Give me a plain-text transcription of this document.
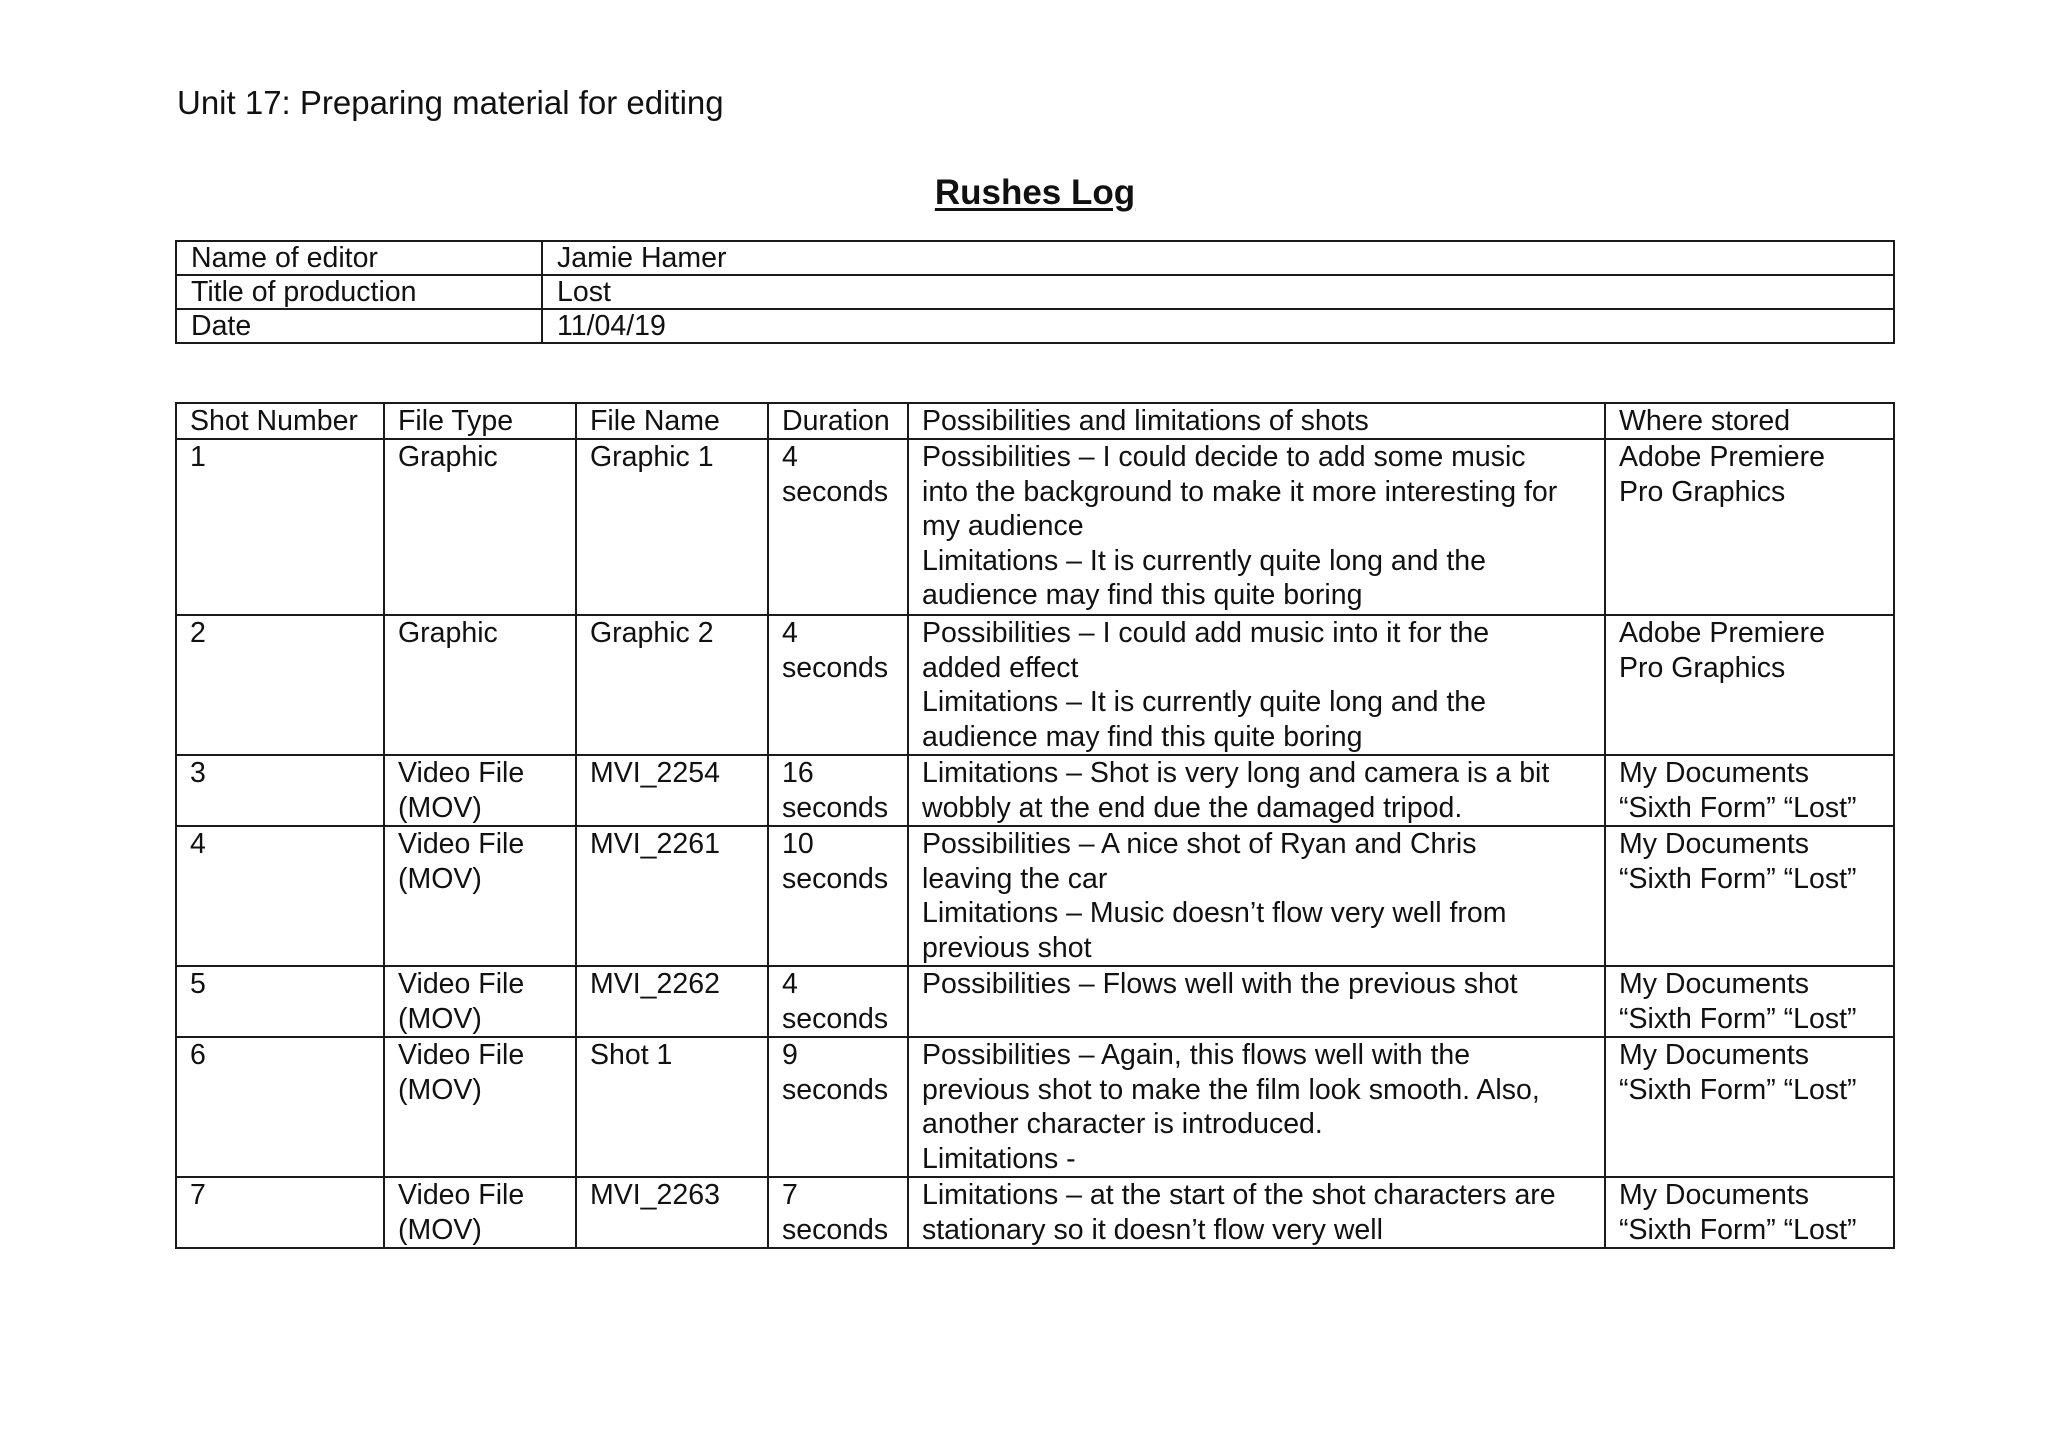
Unit 17: Preparing material for editing
Rushes Log
Name of editor	Jamie Hamer
Title of production	Lost
Date	11/04/19
Shot Number	File Type	File Name	Duration	Possibilities and limitations of shots	Where stored

1	Graphic	Graphic 1	4
seconds	Possibilities – I could decide to add some music
into the background to make it more interesting for
my audience
Limitations – It is currently quite long and the
audience may find this quite boring	Adobe Premiere
Pro Graphics

2	Graphic	Graphic 2	4
seconds	Possibilities – I could add music into it for the
added effect
Limitations – It is currently quite long and the
audience may find this quite boring	Adobe Premiere
Pro Graphics

3	Video File
(MOV)	MVI_2254	16
seconds	Limitations – Shot is very long and camera is a bit
wobbly at the end due the damaged tripod.	My Documents
“Sixth Form” “Lost”

4	Video File
(MOV)	MVI_2261	10
seconds	Possibilities – A nice shot of Ryan and Chris
leaving the car
Limitations – Music doesn’t flow very well from
previous shot	My Documents
“Sixth Form” “Lost”

5	Video File
(MOV)	MVI_2262	4
seconds	Possibilities – Flows well with the previous shot	My Documents
“Sixth Form” “Lost”

6	Video File
(MOV)	Shot 1	9
seconds	Possibilities – Again, this flows well with the
previous shot to make the film look smooth. Also,
another character is introduced.
Limitations -	My Documents
“Sixth Form” “Lost”

7	Video File
(MOV)	MVI_2263	7
seconds	Limitations – at the start of the shot characters are
stationary so it doesn’t flow very well	My Documents
“Sixth Form” “Lost”
